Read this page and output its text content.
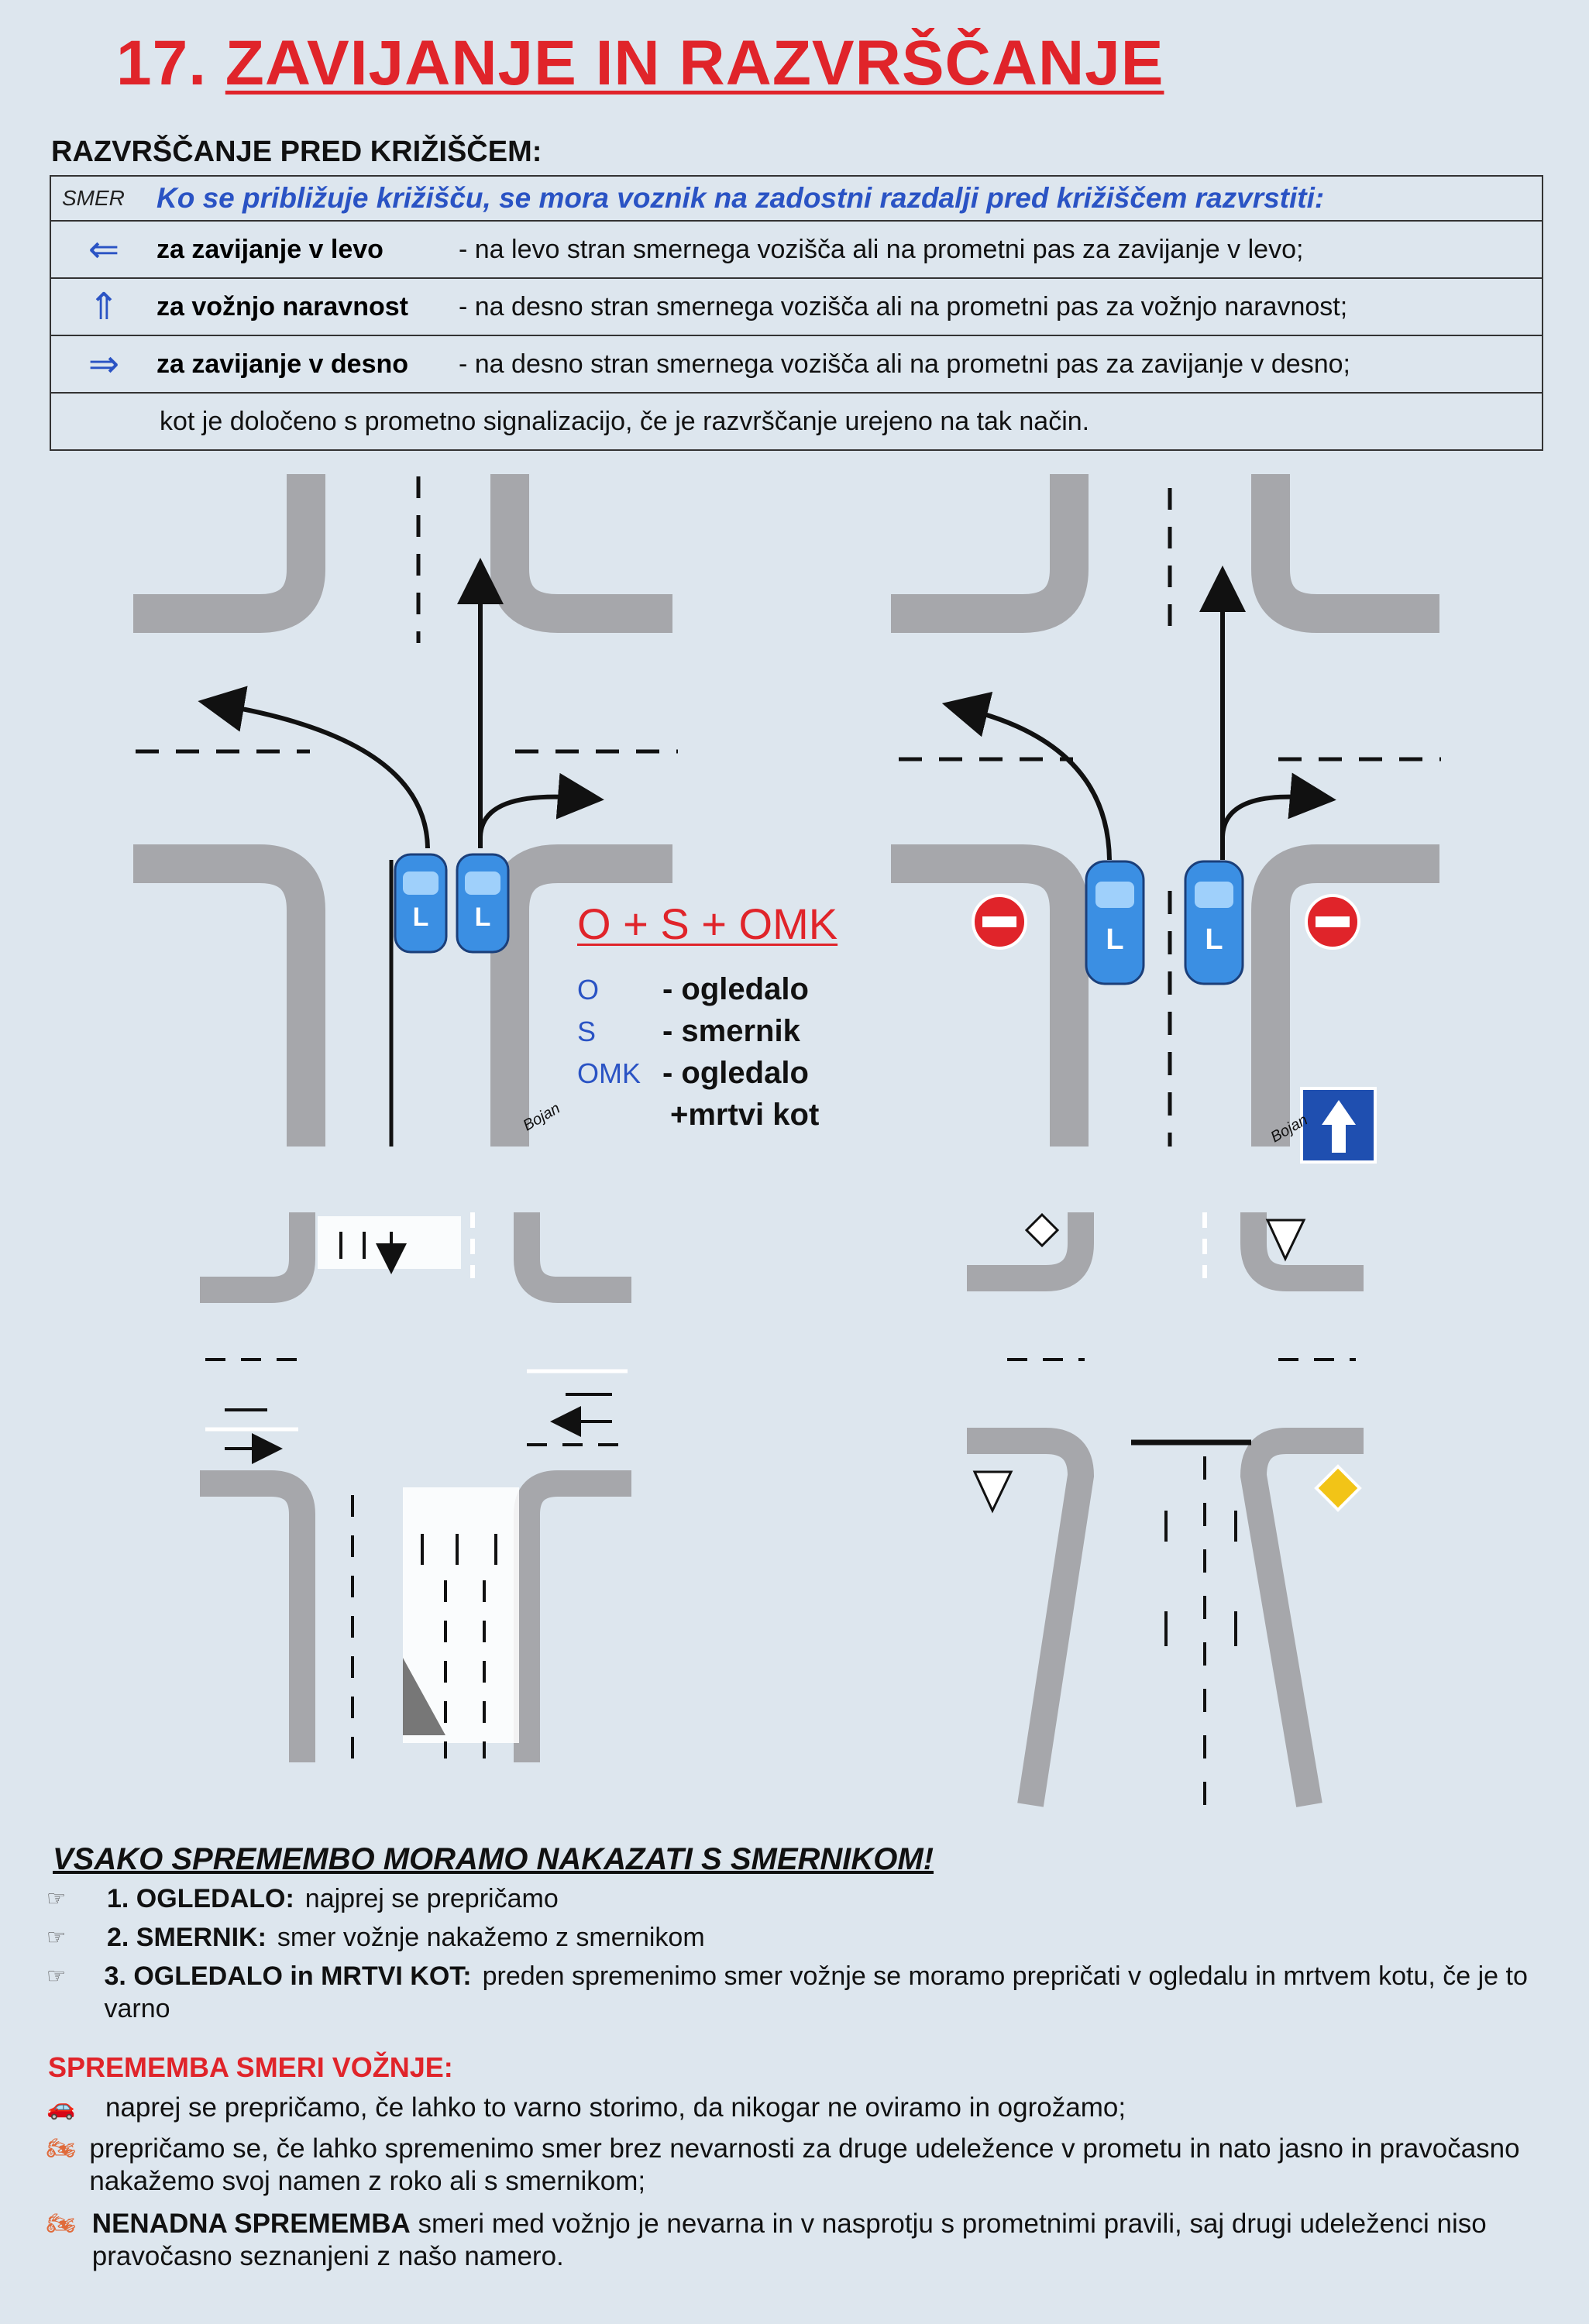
17. ZAVIJANJE IN RAZVRŠČANJE
RAZVRŠČANJE PRED KRIŽIŠČEM:
SMER	Ko se približuje križišču, se mora voznik na zadostni razdalji pred križiščem razvrstiti:	
⇐	za zavijanje v levo	- na levo stran smernega vozišča ali na prometni pas za zavijanje v levo;
⇑	za vožnjo naravnost	- na desno stran smernega vozišča ali na prometni pas za vožnjo naravnost;
⇒	za zavijanje v desno	- na desno stran smernega vozišča ali na prometni pas za zavijanje v desno;
kot je določeno s prometno signalizacijo, če je razvrščanje urejeno na tak način.		
L L
Bojan
L	L
Bojan
O + S + OMK
O	- ogledalo
S	- smernik
OMK - ogledalo
+mrtvi kot
VSAKO SPREMEMBO MORAMO NAKAZATI S SMERNIKOM!
☞	1. OGLEDALO: najprej se prepričamo
☞	2. SMERNIK: smer vožnje nakažemo z smernikom
☞	3. OGLEDALO in MRTVI KOT: preden spremenimo smer vožnje se moramo prepričati v ogledalu in mrtvem kotu, če je to varno
SPREMEMBA SMERI VOŽNJE:
🚗	naprej se prepričamo, če lahko to varno storimo, da nikogar ne oviramo in ogrožamo;
🏍 prepričamo se, če lahko spremenimo smer brez nevarnosti za druge udeležence v prometu in nato jasno in pravočasno nakažemo svoj namen z roko ali s smernikom;
🏍 NENADNA SPREMEMBA smeri med vožnjo je nevarna in v nasprotju s prometnimi pravili, saj drugi udeleženci niso pravočasno seznanjeni z našo namero.
